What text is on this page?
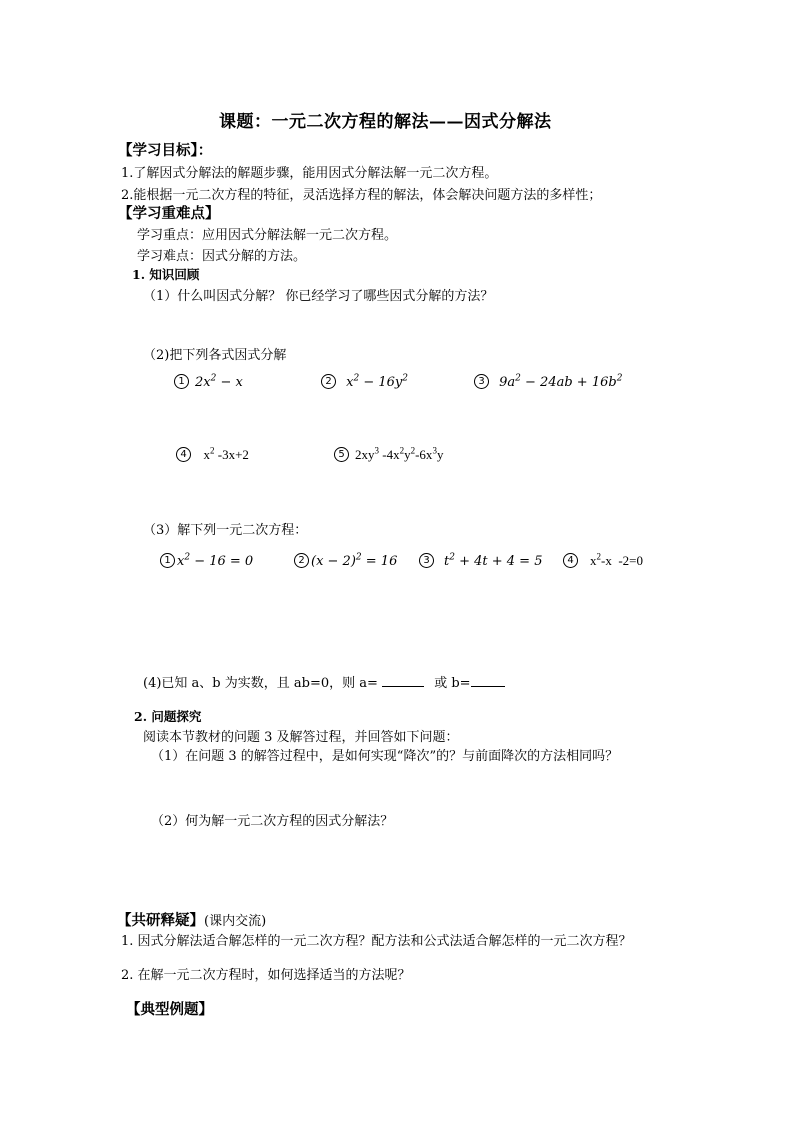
课题：一元二次方程的解法——因式分解法
【学习目标】：
1.了解因式分解法的解题步骤，能用因式分解法解一元二次方程。
2.能根据一元二次方程的特征，灵活选择方程的解法，体会解决问题方法的多样性；
【学习重难点】
学习重点：应用因式分解法解一元二次方程。
学习难点：因式分解的方法。
1. 知识回顾
（1）什么叫因式分解？ 你已经学习了哪些因式分解的方法？
（2)把下列各式因式分解
1 $2x^2 - x$	2 $x^2 - 16y^2$	3 $9a^2 - 24ab + 16b^2$
4  $x^2$ -3x+2	5 $2xy^3$ $-4x^2y^2-6x^3y$
（3）解下列一元二次方程：
1 $x^2 - 16 = 0$	2 $(x - 2)^2 = 16$	3 $t^2 + 4t + 4 = 5$	4 $x^2-x$  -2=0
(4)已知 a、b 为实数，且 ab=0，则 a=	或 b=
2. 问题探究
阅读本节教材的问题 3 及解答过程，并回答如下问题：
（1）在问题 3 的解答过程中，是如何实现“降次”的？与前面降次的方法相同吗？
（2）何为解一元二次方程的因式分解法？
【共研释疑】(课内交流)
1. 因式分解法适合解怎样的一元二次方程？配方法和公式法适合解怎样的一元二次方程？
2. 在解一元二次方程时，如何选择适当的方法呢？
【典型例题】
